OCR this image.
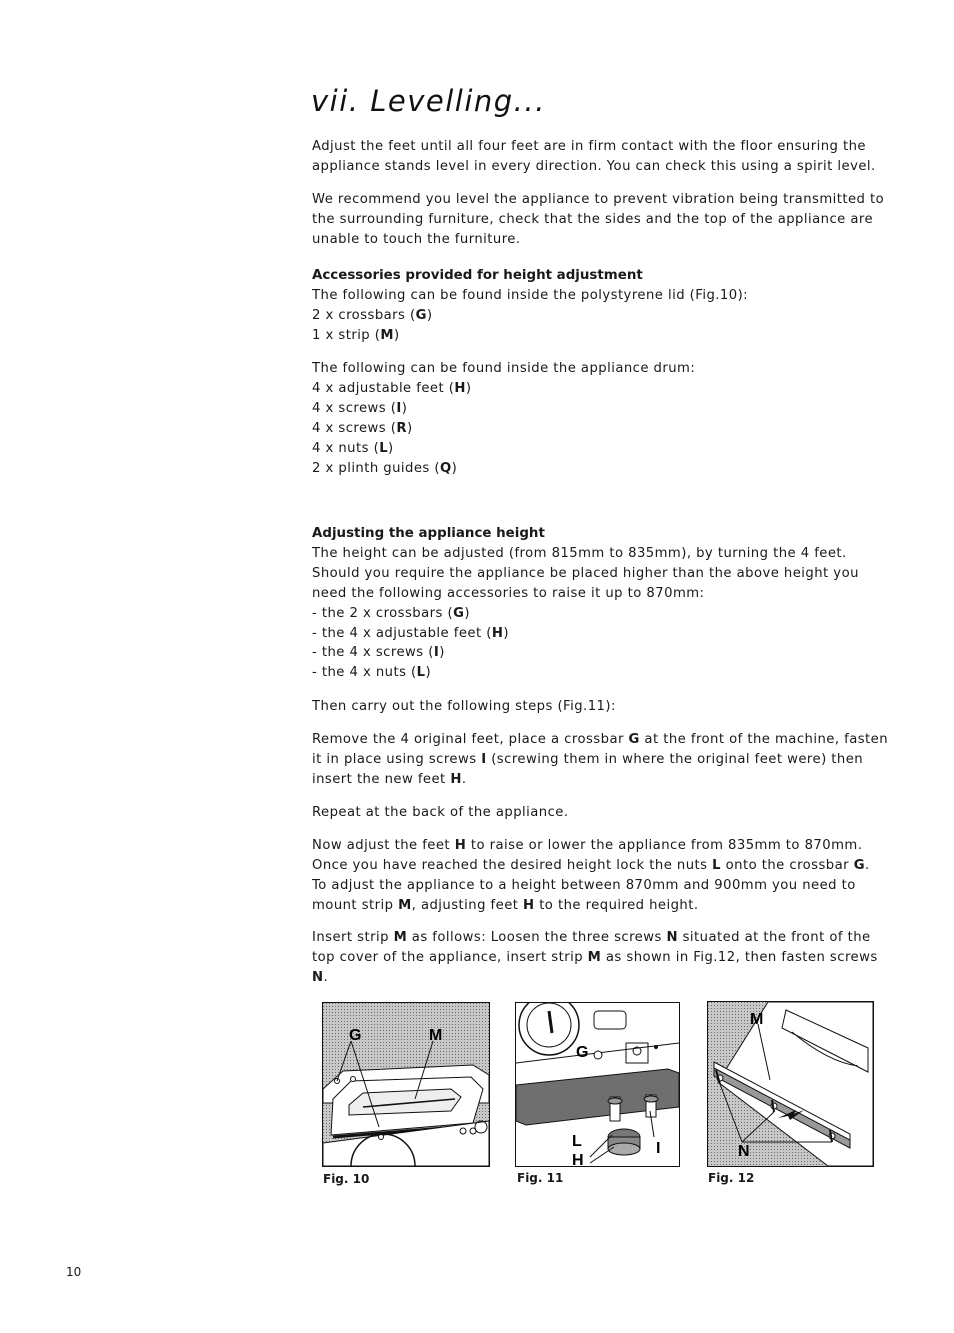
vii. Levelling...
Adjust the feet until all four feet are in firm contact with the floor ensuring the
appliance stands level in every direction. You can check this using a spirit level.
We recommend you level the appliance to prevent vibration being transmitted to
the surrounding furniture, check that the sides and the top of the appliance are
unable to touch the furniture.
Accessories provided for height adjustment
The following can be found inside the polystyrene lid (Fig.10):
2 x crossbars (G)
1 x strip (M)
The following can be found inside the appliance drum:
4 x adjustable feet (H)
4 x screws (I)
4 x screws (R)
4 x nuts (L)
2 x plinth guides (Q)
Adjusting the appliance height
The height can be adjusted (from 815mm to 835mm), by turning the 4 feet.
Should you require the appliance be placed higher than the above height you
need the following accessories to raise it up to 870mm:
- the 2 x crossbars (G)
- the 4 x adjustable feet (H)
- the 4 x screws (I)
- the 4 x nuts (L)
Then carry out the following steps (Fig.11):
Remove the 4 original feet, place a crossbar G at the front of the machine, fasten
it in place using screws I (screwing them in where the original feet were) then
insert the new feet H.
Repeat at the back of the appliance.
Now adjust the feet H to raise or lower the appliance from 835mm to 870mm.
Once you have reached the desired height lock the nuts L onto the crossbar G.
To adjust the appliance to a height between 870mm and 900mm you need to
mount strip M, adjusting feet H to the required height.
Insert strip M as follows: Loosen the three screws N situated at the front of the
top cover of the appliance, insert strip M as shown in Fig.12, then fasten screws
N.
G	M
Fig. 10
G
L
H
I
Fig. 11
M
N
Fig. 12
10
